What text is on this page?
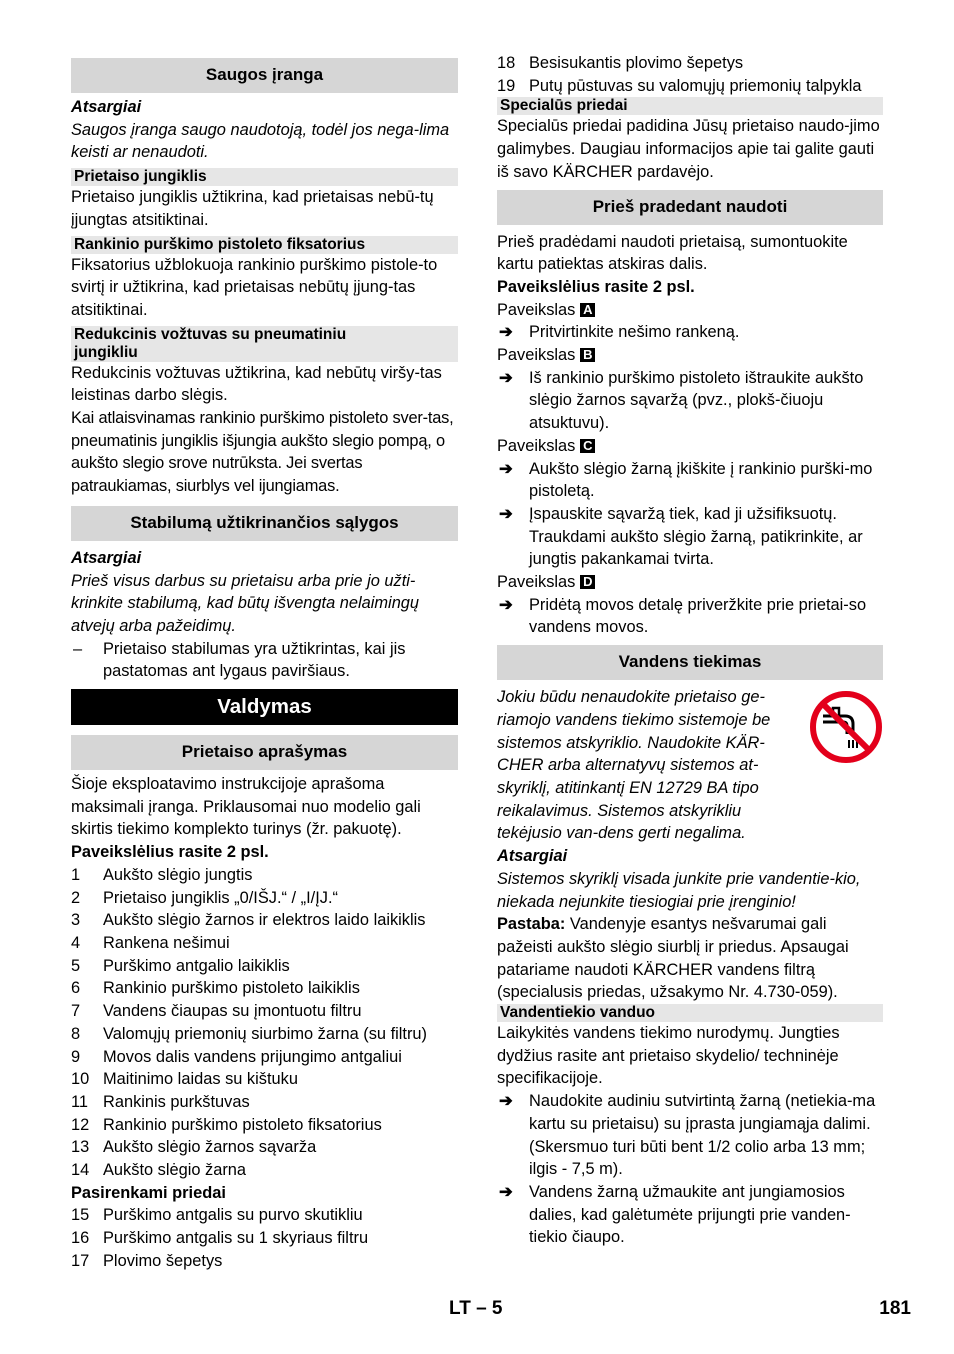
Saugos įranga

Atsargiai

Saugos įranga saugo naudotoją, todėl jos nega-lima keisti ar nenaudoti.

Prietaiso jungiklis

Prietaiso jungiklis užtikrina, kad prietaisas nebū-tų įjungtas atsitiktinai.

Rankinio purškimo pistoleto fiksatorius

Fiksatorius užblokuoja rankinio purškimo pistole-to svirtį ir užtikrina, kad prietaisas nebūtų įjung-tas atsitiktinai.

Redukcinis vožtuvas su pneumatiniu
jungikliu

Redukcinis vožtuvas užtikrina, kad nebūtų viršy-tas leistinas darbo slėgis.

Kai atlaisvinamas rankinio purškimo pistoleto sver-tas, pneumatinis jungiklis išjungia aukšto slegio pompą, o aukšto slegio srove nutrūksta. Jei svertas patraukiamas, siurblys vel ijungiamas.

Stabilumą užtikrinančios sąlygos

Atsargiai

Prieš visus darbus su prietaisu arba prie jo užti-krinkite stabilumą, kad būtų išvengta nelaimingų atvejų arba pažeidimų.

– Prietaiso stabilumas yra užtikrintas, kai jis pastatomas ant lygaus paviršiaus.
Valdymas
Prietaiso aprašymas

Šioje eksploatavimo instrukcijoje aprašoma maksimali įranga. Priklausomai nuo modelio gali skirtis tiekimo komplekto turinys (žr. pakuotę).

Paveikslėlius rasite 2 psl.

1 Aukšto slėgio jungtis
2 Prietaiso jungiklis „0/IŠJ.“ / „I/ĮJ.“
3 Aukšto slėgio žarnos ir elektros laido laikiklis
4 Rankena nešimui
5 Purškimo antgalio laikiklis
6 Rankinio purškimo pistoleto laikiklis
7 Vandens čiaupas su įmontuotu filtru
8 Valomųjų priemonių siurbimo žarna (su filtru)
9 Movos dalis vandens prijungimo antgaliui
10 Maitinimo laidas su kištuku
11 Rankinis purkštuvas
12 Rankinio purškimo pistoleto fiksatorius
13 Aukšto slėgio žarnos sąvarža
14 Aukšto slėgio žarna

Pasirenkami priedai

15 Purškimo antgalis su purvo skutikliu
16 Purškimo antgalis su 1 skyriaus filtru
17 Plovimo šepetys
18 Besisukantis plovimo šepetys
19 Putų pūstuvas su valomųjų priemonių talpykla
Specialūs priedai

Specialūs priedai padidina Jūsų prietaiso naudo-jimo galimybes. Daugiau informacijos apie tai galite gauti iš savo KÄRCHER pardavėjo.

Prieš pradedant naudoti

Prieš pradėdami naudoti prietaisą, sumontuokite kartu patiektas atskiras dalis.

Paveikslėlius rasite 2 psl.

Paveikslas A

➔ Pritvirtinkite nešimo rankeną.

Paveikslas B

➔ Iš rankinio purškimo pistoleto ištraukite aukšto slėgio žarnos sąvaržą (pvz., plokš-čiuoju atsuktuvu).

Paveikslas C

➔ Aukšto slėgio žarną įkiškite į rankinio purški-mo pistoletą.
➔ Įspauskite sąvaržą tiek, kad ji užsifiksuotų. Traukdami aukšto slėgio žarną, patikrinkite, ar jungtis pakankamai tvirta.

Paveikslas D

➔ Pridėtą movos detalę priveržkite prie prietai-so vandens movos.
Vandens tiekimas

Jokiu būdu nenaudokite prietaiso ge-riamojo vandens tiekimo sistemoje be sistemos atskyriklio. Naudokite KÄR-CHER arba alternatyvų sistemos at-skyriklį, atitinkantį EN 12729 BA tipo reikalavimus. Sistemos atskyrikliu tekėjusio van-dens gerti negalima.

Atsargiai

Sistemos skyriklį visada junkite prie vandentie-kio, niekada nejunkite tiesiogiai prie įrenginio!

Pastaba: Vandenyje esantys nešvarumai gali pažeisti aukšto slėgio siurblį ir priedus. Apsaugai patariame naudoti KÄRCHER vandens filtrą (specialusis priedas, užsakymo Nr. 4.730-059).

Vandentiekio vanduo

Laikykitės vandens tiekimo nurodymų. Jungties dydžius rasite ant prietaiso skydelio/ techninėje specifikacijoje.

➔ Naudokite audiniu sutvirtintą žarną (netiekia-ma kartu su prietaisu) su įprasta jungiamąja dalimi. (Skersmuo turi būti bent 1/2 colio arba 13 mm; ilgis - 7,5 m).
➔ Vandens žarną užmaukite ant jungiamosios dalies, kad galėtumėte prijungti prie vanden-tiekio čiaupo.
LT – 5	181
